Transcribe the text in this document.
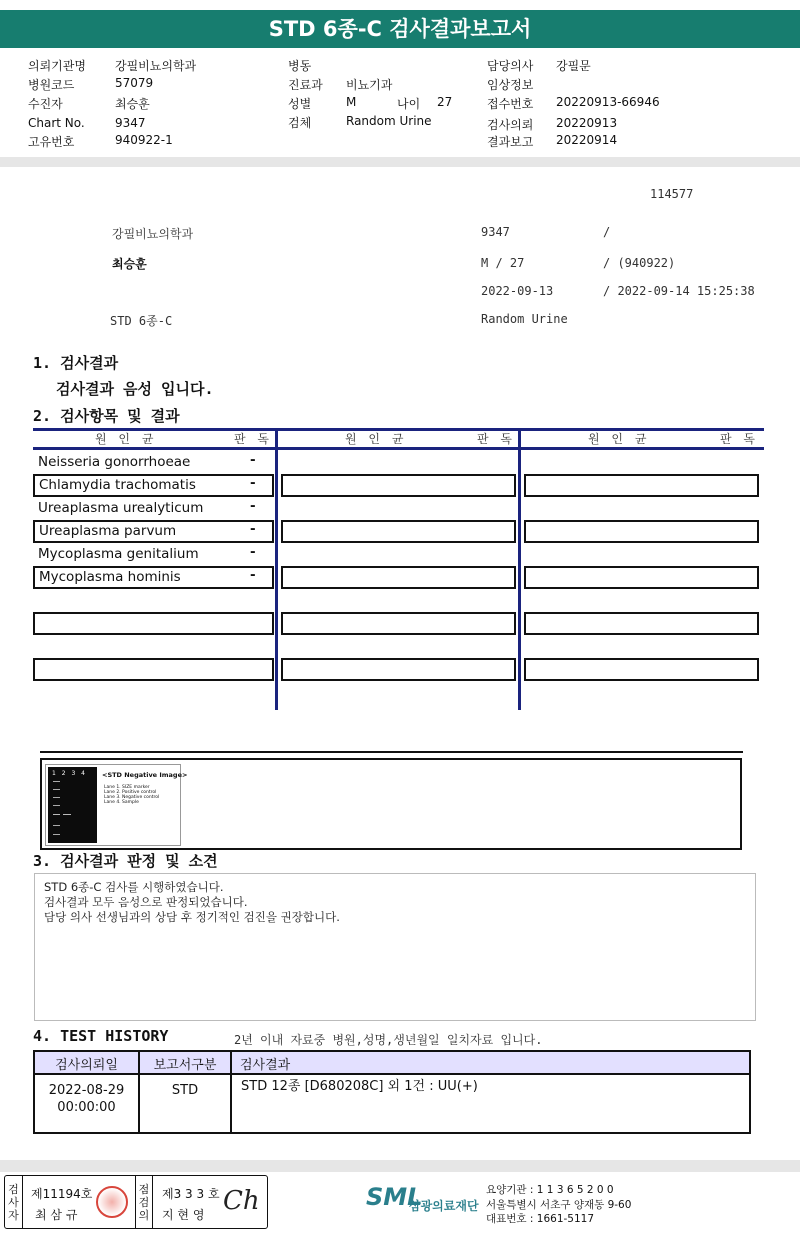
STD 6종-C 검사결과보고서
의뢰기관명 강필비뇨의학과
병원코드	57079
수진자	최승훈
Chart No.	9347
고유번호	940922-1
병동
진료과 비뇨기과
성별	M	나이 27
검체	Random Urine
담당의사 강필문
임상정보
접수번호 20220913-66946
검사의뢰 20220913
결과보고 20220914
114577
강필비뇨의학과	9347	/
최승훈	M / 27	/ (940922)
2022-09-13	/ 2022-09-14 15:25:38
STD 6종-C	Random Urine
1. 검사결과
검사결과 음성 입니다.
2. 검사항목 및 결과
원 인 균	판 독	원 인 균	판 독	원 인 균	판 독
Neisseria gonorrhoeae	-
Chlamydia trachomatis	-
Ureaplasma urealyticum	-
Ureaplasma parvum	-
Mycoplasma genitalium	-
Mycoplasma hominis	-
1 2 3 4 <STD Negative Image>
Lane 1. SIZE marker
Lane 2. Positive control
Lane 3. Negative control
Lane 4. Sample
3. 검사결과 판정 및 소견
STD 6종-C 검사를 시행하였습니다.
검사결과 모두 음성으로 판정되었습니다.
담당 의사 선생님과의 상담 후 정기적인 검진을 권장합니다.
4. TEST HISTORY	2년 이내 자료중 병원,성명,생년월일 일치자료 입니다.
검사의뢰일	보고서구분	검사결과
2022-08-29
00:00:00
STD	STD 12종 [D680208C] 외 1건 : UU(+)
검사자
제11194호
최 삼 규
점검의
제3 3 3 호
지 현 영 Ch	SML
삼광의료재단
요양기관 : 1 1 3 6 5 2 0 0
서울특별시 서초구 양재동 9-60
대표번호 : 1661-5117
